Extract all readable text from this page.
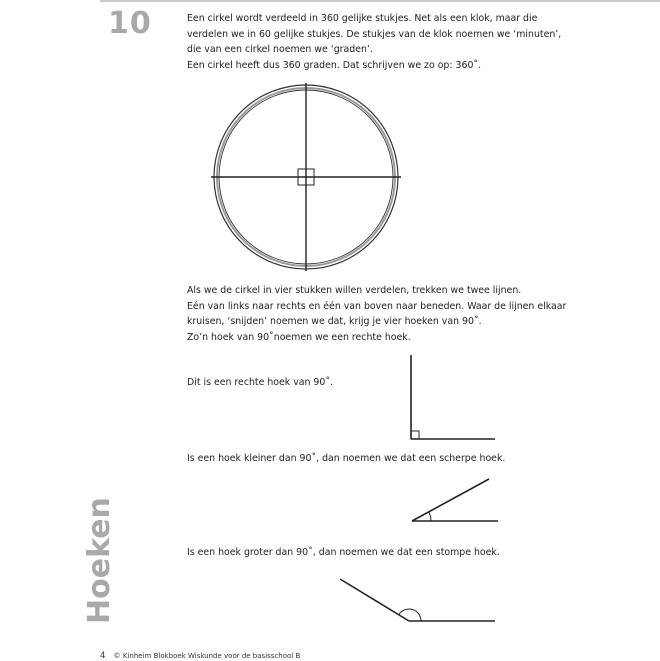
10
Hoeken
Een cirkel wordt verdeeld in 360 gelijke stukjes. Net als een klok, maar die
verdelen we in 60 gelijke stukjes. De stukjes van de klok noemen we ‘minuten’,
die van een cirkel noemen we ‘graden’.
Een cirkel heeft dus 360 graden. Dat schrijven we zo op: 360˚.
Als we de cirkel in vier stukken willen verdelen, trekken we twee lijnen.
Eén van links naar rechts en één van boven naar beneden. Waar de lijnen elkaar
kruisen, ‘snijden’ noemen we dat, krijg je vier hoeken van 90˚.
Zo’n hoek van 90˚noemen we een rechte hoek.
Dit is een rechte hoek van 90˚.
Is een hoek kleiner dan 90˚, dan noemen we dat een scherpe hoek.
Is een hoek groter dan 90˚, dan noemen we dat een stompe hoek.
4 © Kinheim Blokboek Wiskunde voor de basisschool B
